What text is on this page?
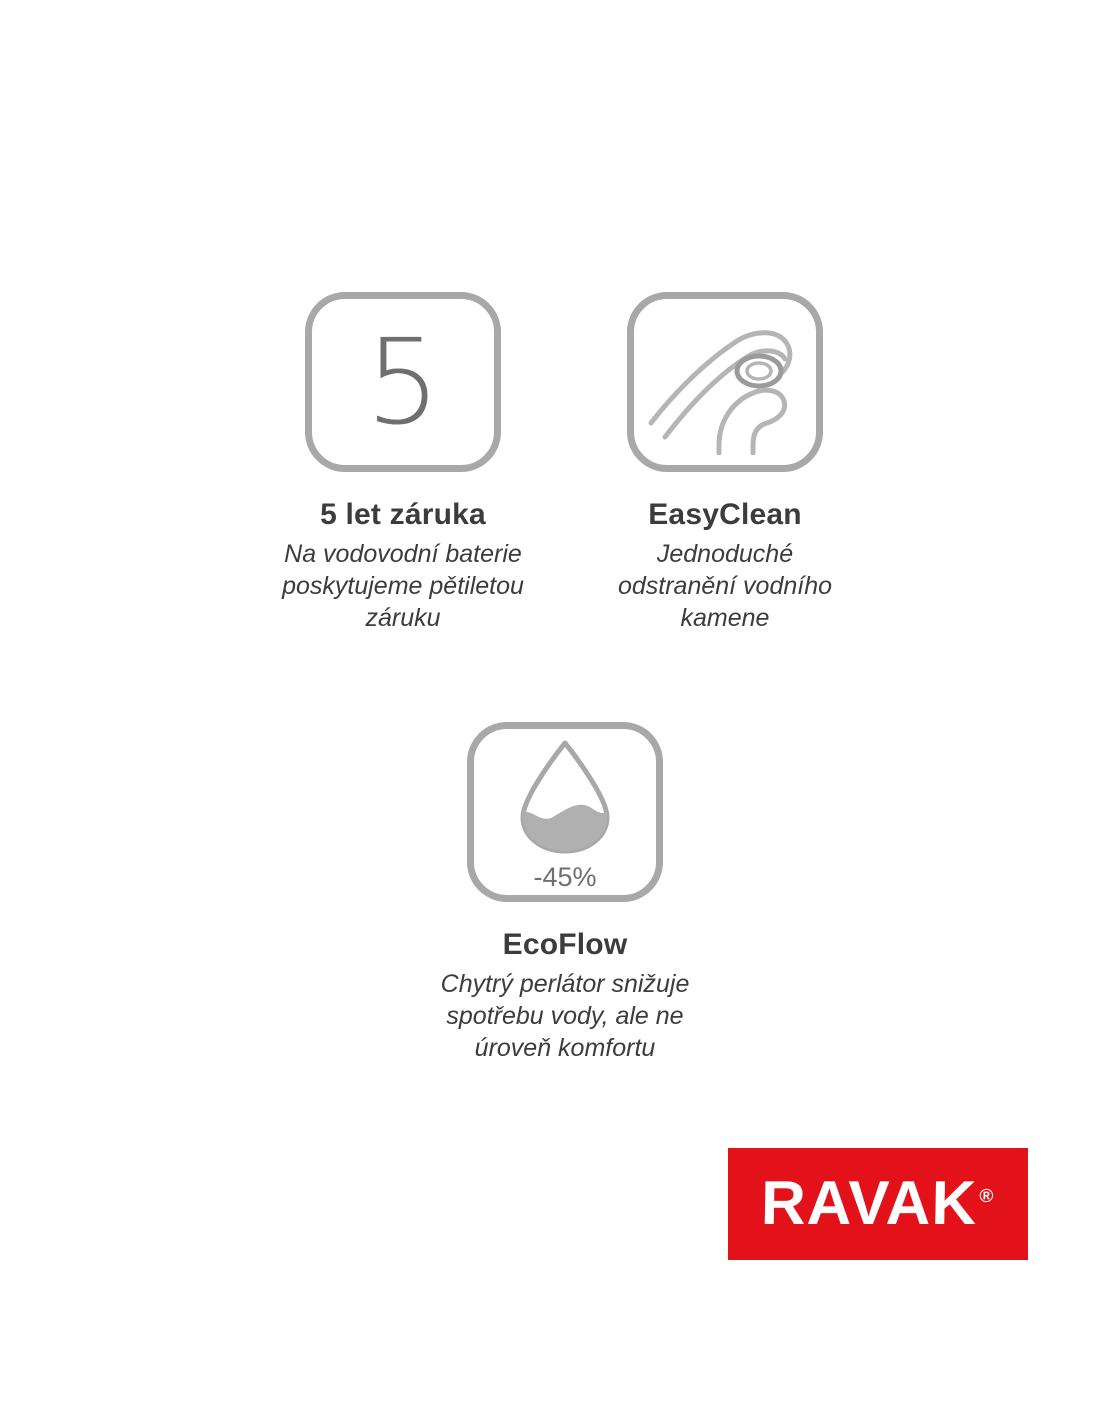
5
5 let záruka
Na vodovodní baterie poskytujeme pětiletou záruku
EasyClean
Jednoduché odstranění vodního kamene
-45%
EcoFlow
Chytrý perlátor snižuje spotřebu vody, ale ne úroveň komfortu
RAVAK®
